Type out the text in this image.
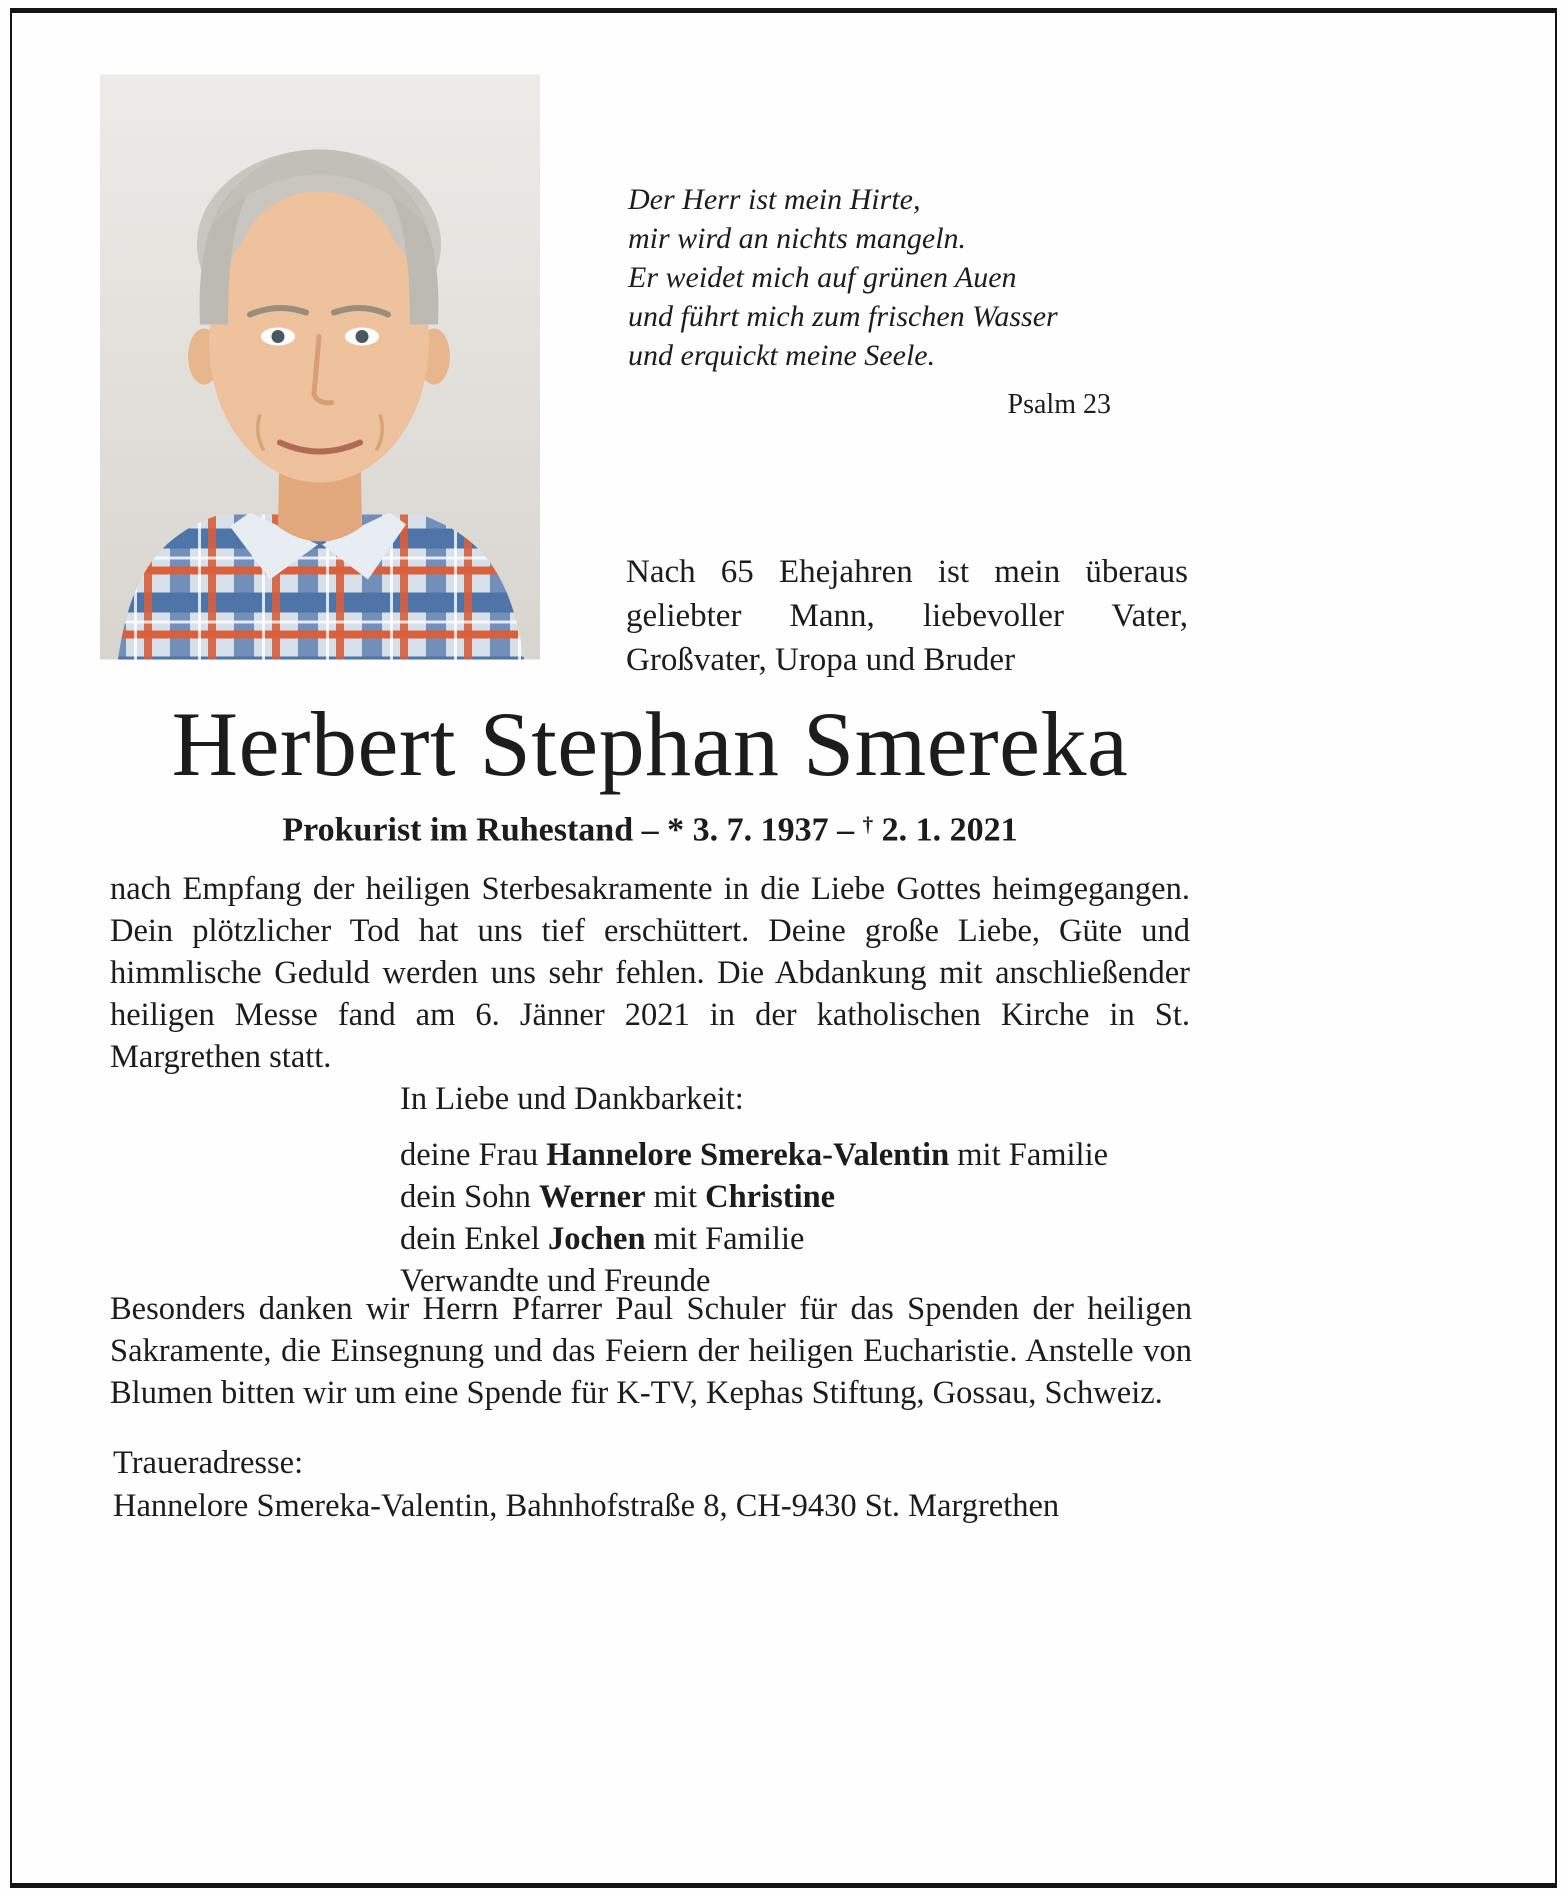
Der Herr ist mein Hirte,
mir wird an nichts mangeln.
Er weidet mich auf grünen Auen
und führt mich zum frischen Wasser
und erquickt meine Seele.
Psalm 23
Nach 65 Ehejahren ist mein überaus geliebter Mann, liebevoller Vater, Großvater, Uropa und Bruder
Herbert Stephan Smereka
Prokurist im Ruhestand – * 3. 7. 1937 – † 2. 1. 2021
nach Empfang der heiligen Sterbesakramente in die Liebe Gottes heimgegangen. Dein plötzlicher Tod hat uns tief erschüttert. Deine große Liebe, Güte und himmlische Geduld werden uns sehr fehlen. Die Abdankung mit anschließender heiligen Messe fand am 6. Jänner 2021 in der katholischen Kirche in St. Margrethen statt.
In Liebe und Dankbarkeit:
deine Frau Hannelore Smereka-Valentin mit Familie
dein Sohn Werner mit Christine
dein Enkel Jochen mit Familie
Verwandte und Freunde
Besonders danken wir Herrn Pfarrer Paul Schuler für das Spenden der heiligen Sakramente, die Einsegnung und das Feiern der heiligen Eucharistie. Anstelle von Blumen bitten wir um eine Spende für K-TV, Kephas Stiftung, Gossau, Schweiz.
Traueradresse:
Hannelore Smereka-Valentin, Bahnhofstraße 8, CH-9430 St. Margrethen
